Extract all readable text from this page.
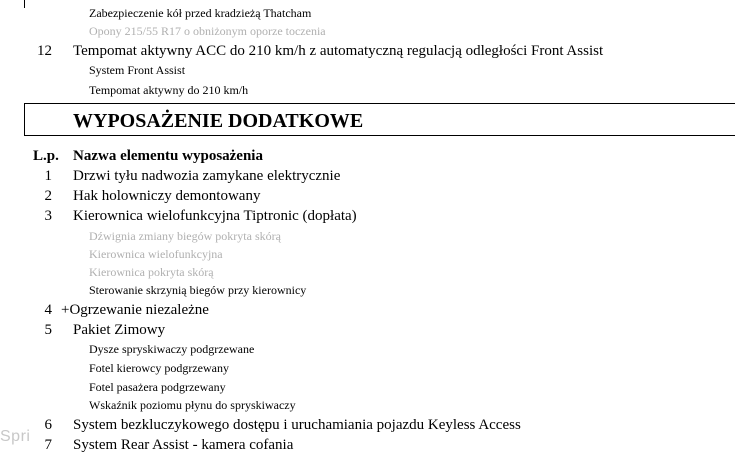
Zabezpieczenie kół przed kradzieżą Thatcham
Opony 215/55 R17 o obniżonym oporze toczenia
12 Tempomat aktywny ACC do 210 km/h z automatyczną regulacją odległości Front Assist
System Front Assist
Tempomat aktywny do 210 km/h
WYPOSAŻENIE DODATKOWE
L.p. Nazwa elementu wyposażenia
1 Drzwi tyłu nadwozia zamykane elektrycznie
2 Hak holowniczy demontowany
3 Kierownica wielofunkcyjna Tiptronic (dopłata)
Dźwignia zmiany biegów pokryta skórą
Kierownica wielofunkcyjna
Kierownica pokryta skórą
Sterowanie skrzynią biegów przy kierownicy
4 +Ogrzewanie niezależne
5 Pakiet Zimowy
Dysze spryskiwaczy podgrzewane
Fotel kierowcy podgrzewany
Fotel pasażera podgrzewany
Wskaźnik poziomu płynu do spryskiwaczy
6 System bezkluczykowego dostępu i uruchamiania pojazdu Keyless Access
7 System Rear Assist - kamera cofania
Spri
